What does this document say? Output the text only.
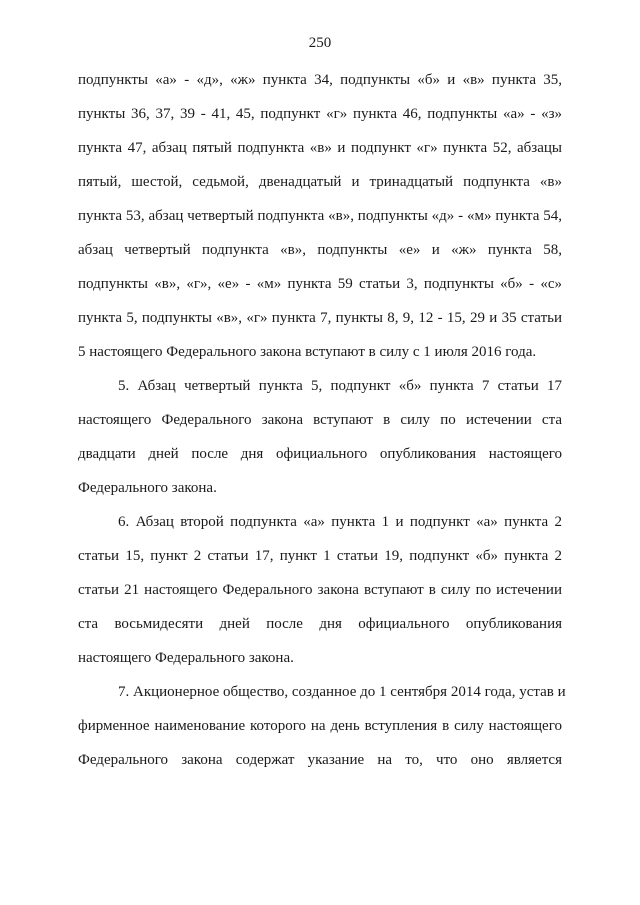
250
подпункты «а» - «д», «ж» пункта 34, подпункты «б» и «в» пункта 35,
пункты 36, 37, 39 - 41, 45, подпункт «г» пункта 46, подпункты «а» - «з»
пункта 47, абзац пятый подпункта «в» и подпункт «г» пункта 52, абзацы
пятый, шестой, седьмой, двенадцатый и тринадцатый подпункта «в»
пункта 53, абзац четвертый подпункта «в», подпункты «д» - «м» пункта 54,
абзац четвертый подпункта «в», подпункты «е» и «ж» пункта 58,
подпункты «в», «г», «е» - «м» пункта 59 статьи 3, подпункты «б» - «с»
пункта 5, подпункты «в», «г» пункта 7, пункты 8, 9, 12 - 15, 29 и 35 статьи
5 настоящего Федерального закона вступают в силу с 1 июля 2016 года.
5. Абзац четвертый пункта 5, подпункт «б» пункта 7 статьи 17
настоящего Федерального закона вступают в силу по истечении ста
двадцати дней после дня официального опубликования настоящего
Федерального закона.
6. Абзац второй подпункта «а» пункта 1 и подпункт «а» пункта 2
статьи 15, пункт 2 статьи 17, пункт 1 статьи 19, подпункт «б» пункта 2
статьи 21 настоящего Федерального закона вступают в силу по истечении
ста восьмидесяти дней после дня официального опубликования
настоящего Федерального закона.
7. Акционерное общество, созданное до 1 сентября 2014 года, устав и
фирменное наименование которого на день вступления в силу настоящего
Федерального закона содержат указание на то, что оно является
